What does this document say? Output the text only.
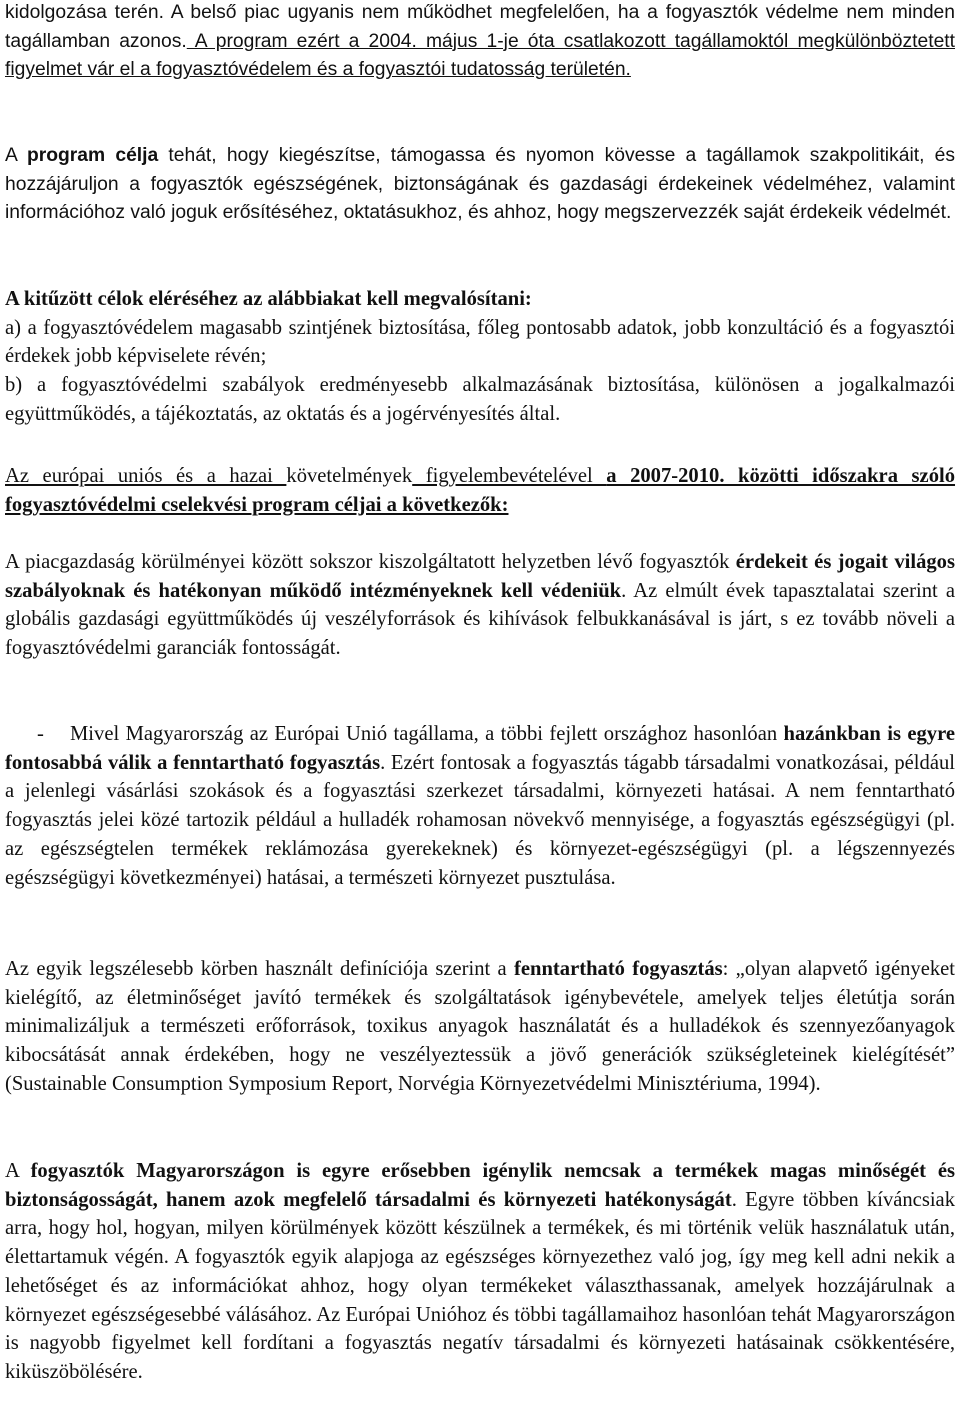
kidolgozása terén. A belső piac ugyanis nem működhet megfelelően, ha a fogyasztók védelme nem minden tagállamban azonos. A program ezért a 2004. május 1-je óta csatlakozott tagállamoktól megkülönböztetett figyelmet vár el a fogyasztóvédelem és a fogyasztói tudatosság területén.

A program célja tehát, hogy kiegészítse, támogassa és nyomon kövesse a tagállamok szakpolitikáit, és hozzájáruljon a fogyasztók egészségének, biztonságának és gazdasági érdekeinek védelméhez, valamint információhoz való joguk erősítéséhez, oktatásukhoz, és ahhoz, hogy megszervezzék saját érdekeik védelmét.

A kitűzött célok eléréséhez az alábbiakat kell megvalósítani:

a) a fogyasztóvédelem magasabb szintjének biztosítása, főleg pontosabb adatok, jobb konzultáció és a fogyasztói érdekek jobb képviselete révén;

b) a fogyasztóvédelmi szabályok eredményesebb alkalmazásának biztosítása, különösen a jogalkalmazói együttműködés, a tájékoztatás, az oktatás és a jogérvényesítés által.

Az európai uniós és a hazai követelmények figyelembevételével a 2007-2010. közötti időszakra szóló fogyasztóvédelmi cselekvési program céljai a következők:

A piacgazdaság körülményei között sokszor kiszolgáltatott helyzetben lévő fogyasztók érdekeit és jogait világos szabályoknak és hatékonyan működő intézményeknek kell védeniük. Az elmúlt évek tapasztalatai szerint a globális gazdasági együttműködés új veszélyforrások és kihívások felbukkanásával is járt, s ez tovább növeli a fogyasztóvédelmi garanciák fontosságát.

- Mivel Magyarország az Európai Unió tagállama, a többi fejlett országhoz hasonlóan hazánkban is egyre fontosabbá válik a fenntartható fogyasztás. Ezért fontosak a fogyasztás tágabb társadalmi vonatkozásai, például a jelenlegi vásárlási szokások és a fogyasztási szerkezet társadalmi, környezeti hatásai. A nem fenntartható fogyasztás jelei közé tartozik például a hulladék rohamosan növekvő mennyisége, a fogyasztás egészségügyi (pl. az egészségtelen termékek reklámozása gyerekeknek) és környezet-egészségügyi (pl. a légszennyezés egészségügyi következményei) hatásai, a természeti környezet pusztulása.

Az egyik legszélesebb körben használt definíciója szerint a fenntartható fogyasztás: „olyan alapvető igényeket kielégítő, az életminőséget javító termékek és szolgáltatások igénybevétele, amelyek teljes életútja során minimalizáljuk a természeti erőforrások, toxikus anyagok használatát és a hulladékok és szennyezőanyagok kibocsátását annak érdekében, hogy ne veszélyeztessük a jövő generációk szükségleteinek kielégítését” (Sustainable Consumption Symposium Report, Norvégia Környezetvédelmi Minisztériuma, 1994).

A fogyasztók Magyarországon is egyre erősebben igénylik nemcsak a termékek magas minőségét és biztonságosságát, hanem azok megfelelő társadalmi és környezeti hatékonyságát. Egyre többen kíváncsiak arra, hogy hol, hogyan, milyen körülmények között készülnek a termékek, és mi történik velük használatuk után, élettartamuk végén. A fogyasztók egyik alapjoga az egészséges környezethez való jog, így meg kell adni nekik a lehetőséget és az információkat ahhoz, hogy olyan termékeket választhassanak, amelyek hozzájárulnak a környezet egészségesebbé válásához. Az Európai Unióhoz és többi tagállamaihoz hasonlóan tehát Magyarországon is nagyobb figyelmet kell fordítani a fogyasztás negatív társadalmi és környezeti hatásainak csökkentésére, kiküszöbölésére.
